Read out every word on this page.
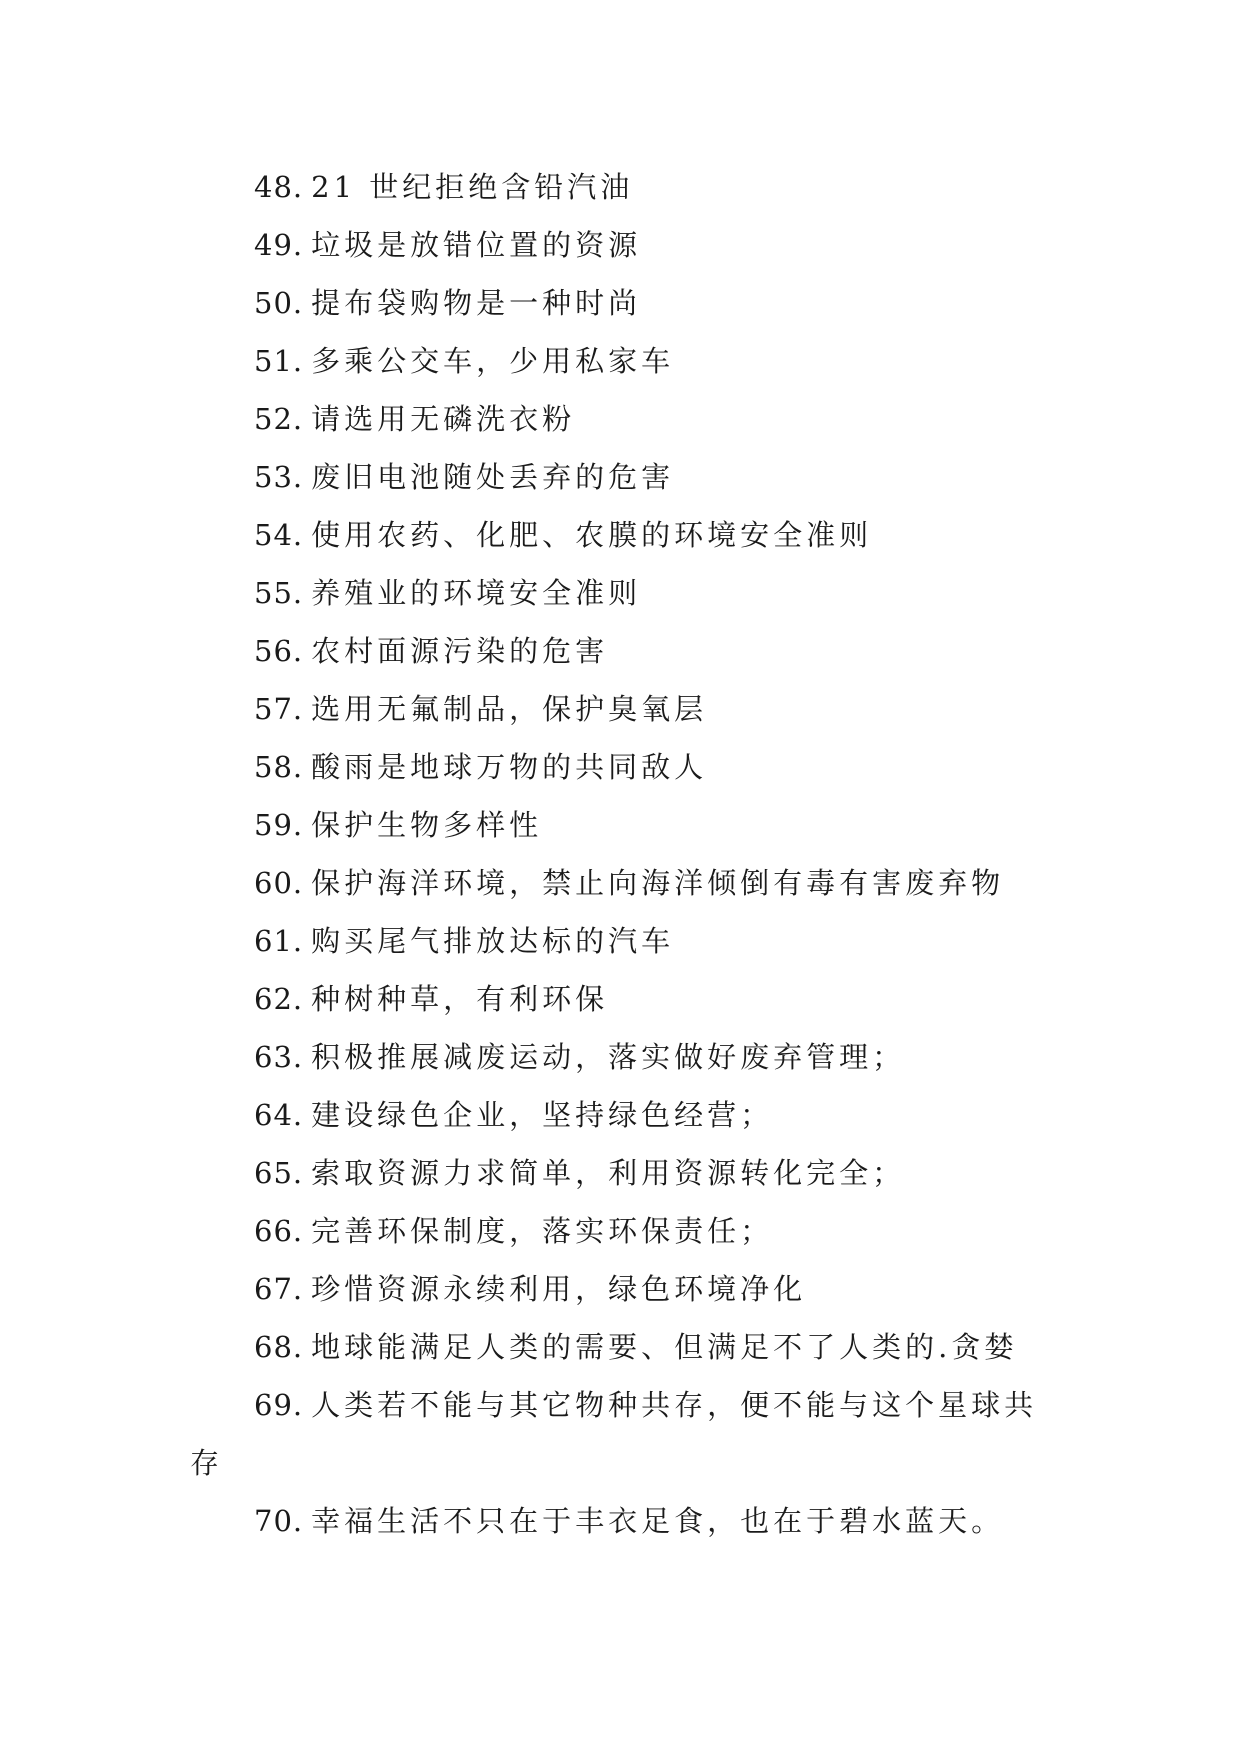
48. 21 世纪拒绝含铅汽油
49. 垃圾是放错位置的资源
50. 提布袋购物是一种时尚
51. 多乘公交车，少用私家车
52. 请选用无磷洗衣粉
53. 废旧电池随处丢弃的危害
54. 使用农药、化肥、农膜的环境安全准则
55. 养殖业的环境安全准则
56. 农村面源污染的危害
57. 选用无氟制品，保护臭氧层
58. 酸雨是地球万物的共同敌人
59. 保护生物多样性
60. 保护海洋环境，禁止向海洋倾倒有毒有害废弃物
61. 购买尾气排放达标的汽车
62. 种树种草，有利环保
63. 积极推展减废运动，落实做好废弃管理；
64. 建设绿色企业，坚持绿色经营；
65. 索取资源力求简单，利用资源转化完全；
66. 完善环保制度，落实环保责任；
67. 珍惜资源永续利用，绿色环境净化
68. 地球能满足人类的需要、但满足不了人类的.贪婪
69. 人类若不能与其它物种共存，便不能与这个星球共存
70. 幸福生活不只在于丰衣足食，也在于碧水蓝天。
